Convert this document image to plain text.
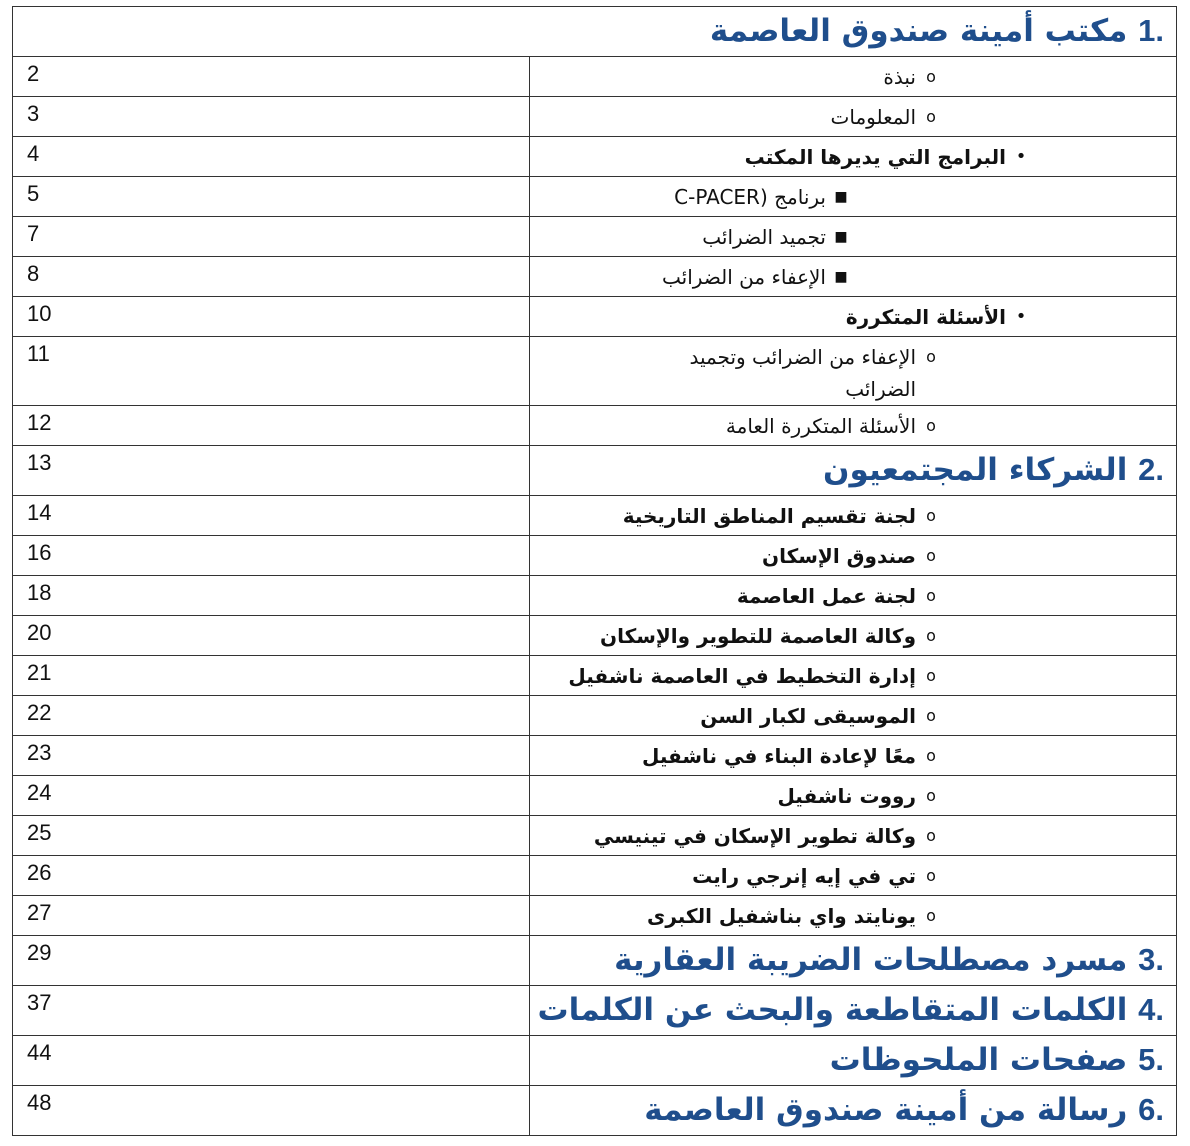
.1 مكتب أمينة صندوق العاصمة	

2	o
نبذة

3	o
المعلومات

4	•
البرامج التي يديرها المكتب

5	■
برنامج (C-PACER

7	■
تجميد الضرائب

8	■
الإعفاء من الضرائب

10	•
الأسئلة المتكررة

11	o
الإعفاء من الضرائب وتجميد الضرائب

12	o
الأسئلة المتكررة العامة

13	.2 الشركاء المجتمعيون

14	o
لجنة تقسيم المناطق التاريخية

16	o
صندوق الإسكان

18	o
لجنة عمل العاصمة

20	o
وكالة العاصمة للتطوير والإسكان

21	o
إدارة التخطيط في العاصمة ناشفيل

22	o
الموسيقى لكبار السن

23	o
معًا لإعادة البناء في ناشفيل

24	o
رووت ناشفيل

25	o
وكالة تطوير الإسكان في تينيسي

26	o
تي في إيه إنرجي رايت

27	o
يونايتد واي بناشفيل الكبرى

29	.3 مسرد مصطلحات الضريبة العقارية

37	.4 الكلمات المتقاطعة والبحث عن الكلمات

44	.5 صفحات الملحوظات

48	.6 رسالة من أمينة صندوق العاصمة
